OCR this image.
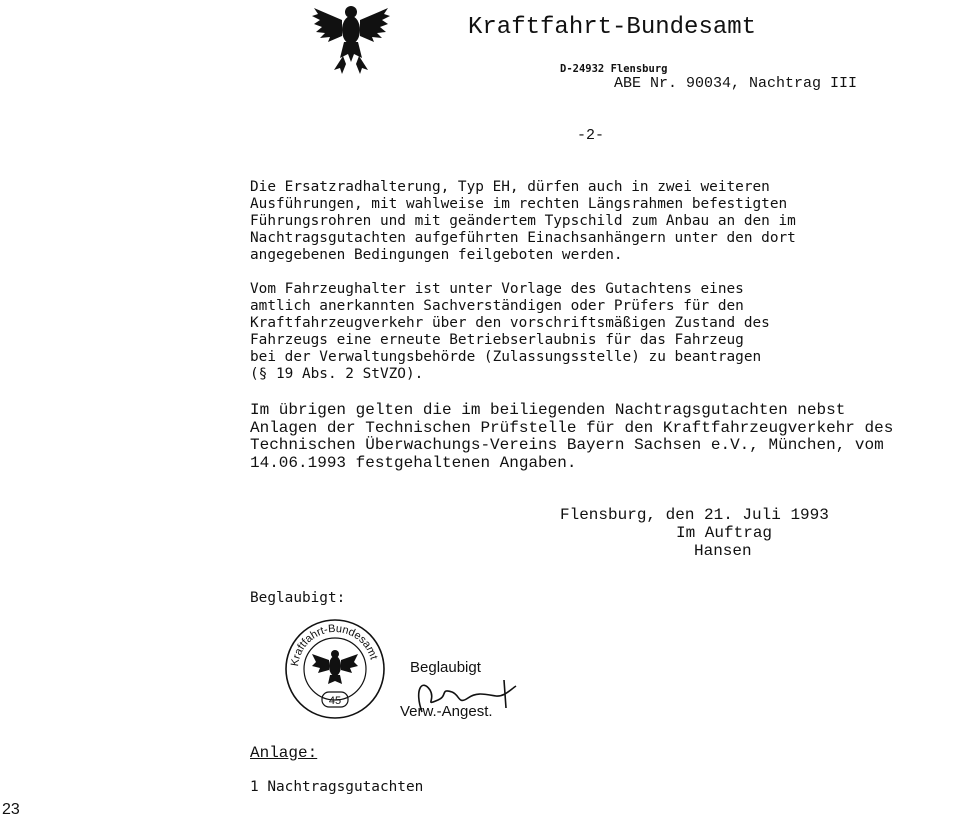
Kraftfahrt-Bundesamt
D-24932 Flensburg
ABE Nr. 90034, Nachtrag III
-2-

Die Ersatzradhalterung, Typ EH, dürfen auch in zwei weiteren
Ausführungen, mit wahlweise im rechten Längsrahmen befestigten
Führungsrohren und mit geändertem Typschild zum Anbau an den im
Nachtragsgutachten aufgeführten Einachsanhängern unter den dort
angegebenen Bedingungen feilgeboten werden.

Vom Fahrzeughalter ist unter Vorlage des Gutachtens eines
amtlich anerkannten Sachverständigen oder Prüfers für den
Kraftfahrzeugverkehr über den vorschriftsmäßigen Zustand des
Fahrzeugs eine erneute Betriebserlaubnis für das Fahrzeug
bei der Verwaltungsbehörde (Zulassungsstelle) zu beantragen
(§ 19 Abs. 2 StVZO).

Im übrigen gelten die im beiliegenden Nachtragsgutachten nebst
Anlagen der Technischen Prüfstelle für den Kraftfahrzeugverkehr des
Technischen Überwachungs-Vereins Bayern Sachsen e.V., München, vom
14.06.1993 festgehaltenen Angaben.

Flensburg, den 21. Juli 1993
Im Auftrag
Hansen
Beglaubigt:
Kraftfahrt-Bundesamt
45
Beglaubigt
Verw.-Angest.
Anlage:
1 Nachtragsgutachten
23
